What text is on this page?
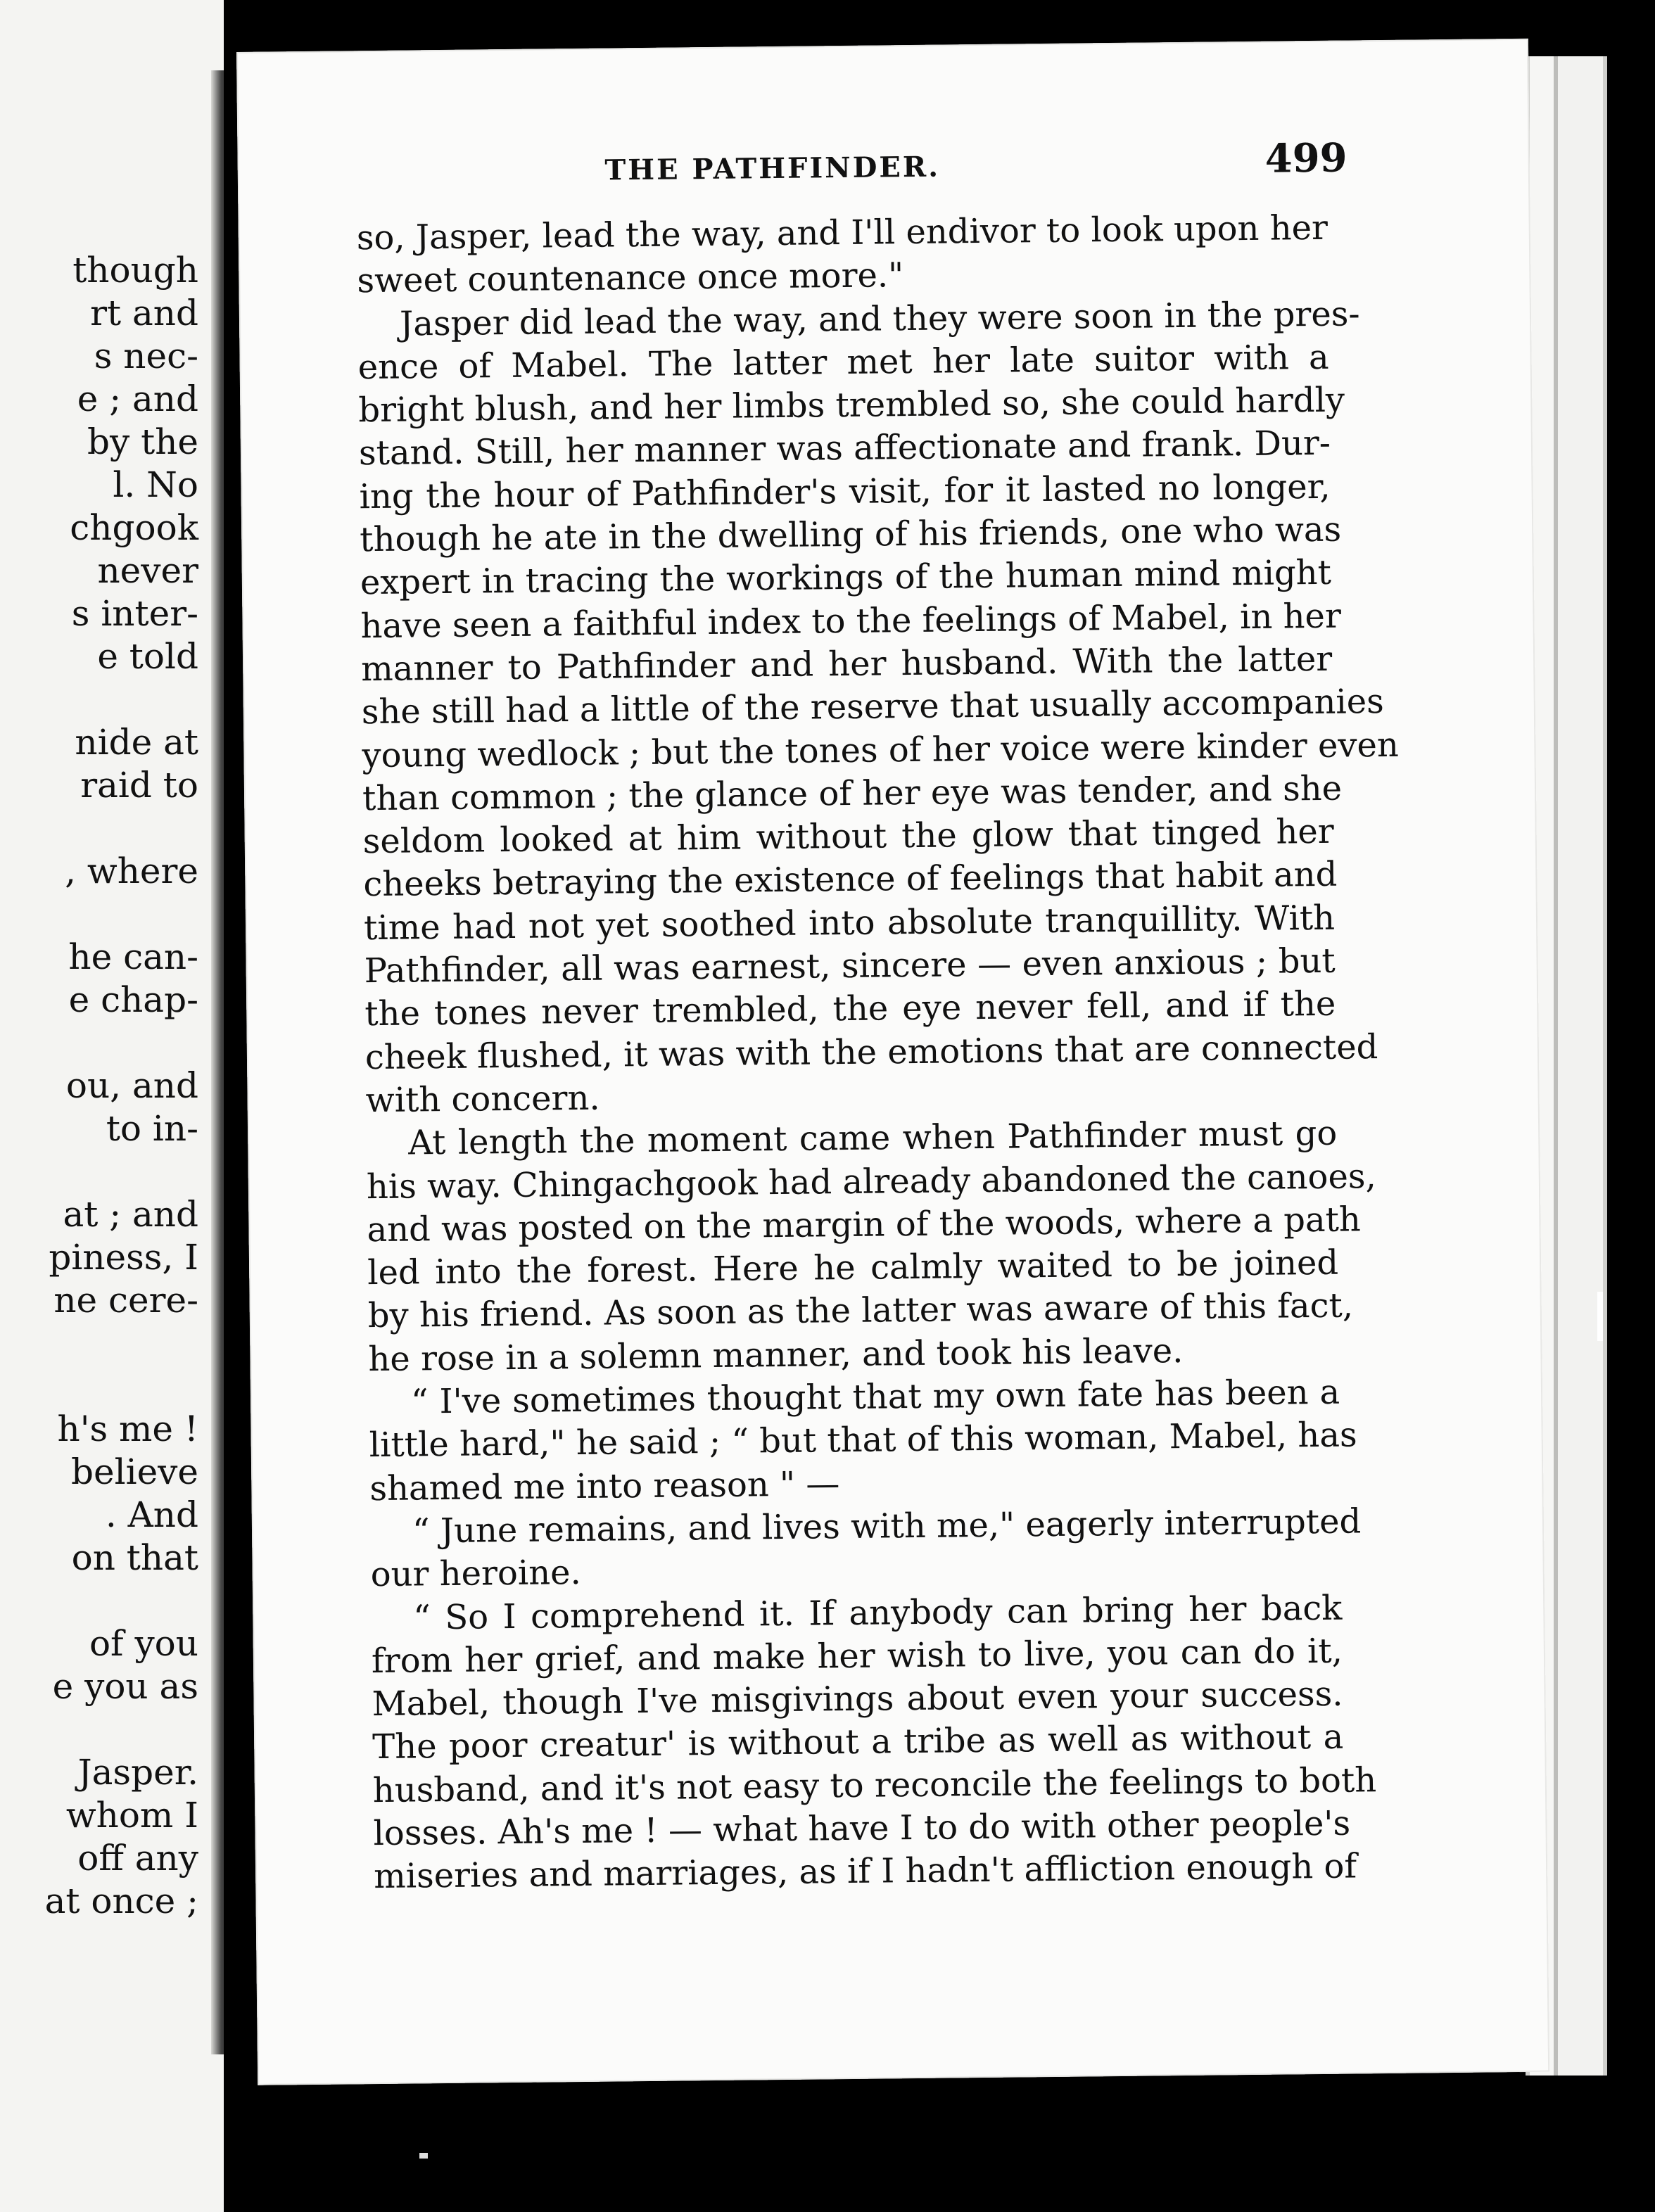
though
rt and
s nec-
e ; and
by the
l. No
chgook
never
s inter-
e told
nide at
raid to
, where
he can-
e chap-
ou, and
to in-
at ; and
piness, I
ne cere-
h's me !
believe
. And
on that
of you
e you as
Jasper.
whom I
off any
at once ;
THE PATHFINDER.	499
so, Jasper, lead the way, and I'll endivor to look upon her
sweet countenance once more."
Jasper did lead the way, and they were soon in the pres-
ence of Mabel. The latter met her late suitor with a
bright blush, and her limbs trembled so, she could hardly
stand. Still, her manner was affectionate and frank. Dur-
ing the hour of Pathfinder's visit, for it lasted no longer,
though he ate in the dwelling of his friends, one who was
expert in tracing the workings of the human mind might
have seen a faithful index to the feelings of Mabel, in her
manner to Pathfinder and her husband. With the latter
she still had a little of the reserve that usually accompanies
young wedlock ; but the tones of her voice were kinder even
than common ; the glance of her eye was tender, and she
seldom looked at him without the glow that tinged her
cheeks betraying the existence of feelings that habit and
time had not yet soothed into absolute tranquillity. With
Pathfinder, all was earnest, sincere — even anxious ; but
the tones never trembled, the eye never fell, and if the
cheek flushed, it was with the emotions that are connected
with concern.
At length the moment came when Pathfinder must go
his way. Chingachgook had already abandoned the canoes,
and was posted on the margin of the woods, where a path
led into the forest. Here he calmly waited to be joined
by his friend. As soon as the latter was aware of this fact,
he rose in a solemn manner, and took his leave.
“ I've sometimes thought that my own fate has been a
little hard," he said ; “ but that of this woman, Mabel, has
shamed me into reason " —
“ June remains, and lives with me," eagerly interrupted
our heroine.
“ So I comprehend it. If anybody can bring her back
from her grief, and make her wish to live, you can do it,
Mabel, though I've misgivings about even your success.
The poor creatur' is without a tribe as well as without a
husband, and it's not easy to reconcile the feelings to both
losses. Ah's me ! — what have I to do with other people's
miseries and marriages, as if I hadn't affliction enough of
